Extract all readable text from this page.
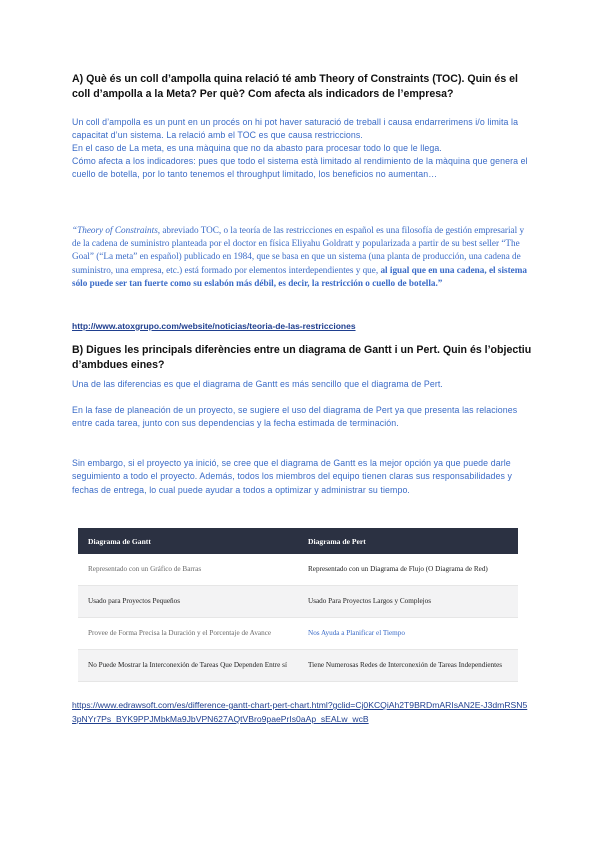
A) Què és un coll d’ampolla quina relació té amb Theory of Constraints (TOC). Quin és el coll d’ampolla a la Meta? Per què? Com afecta als indicadors de l’empresa?
Un coll d’ampolla es un punt en un procés on hi pot haver saturació de treball i causa endarrerimens i/o limita la capacitat d’un sistema. La relació amb el TOC es que causa restriccions.
En el caso de La meta, es una màquina que no da abasto para procesar todo lo que le llega.
Cómo afecta a los indicadores: pues que todo el sistema està limitado al rendimiento de la màquina que genera el cuello de botella, por lo tanto tenemos el throughput limitado, los beneficios no aumentan…
“Theory of Constraints, abreviado TOC, o la teoría de las restricciones en español es una filosofía de gestión empresarial y de la cadena de suministro planteada por el doctor en física Eliyahu Goldratt y popularizada a partir de su best seller “The Goal” (“La meta” en español) publicado en 1984, que se basa en que un sistema (una planta de producción, una cadena de suministro, una empresa, etc.) está formado por elementos interdependientes y que, al igual que en una cadena, el sistema sólo puede ser tan fuerte como su eslabón más débil, es decir, la restricción o cuello de botella.”
http://www.atoxgrupo.com/website/noticias/teoria-de-las-restricciones
B) Digues les principals diferències entre un diagrama de Gantt i un Pert. Quin és l’objectiu d’ambdues eines?
Una de las diferencias es que el diagrama de Gantt es más sencillo que el diagrama de Pert.
En la fase de planeación de un proyecto, se sugiere el uso del diagrama de Pert ya que presenta las relaciones entre cada tarea, junto con sus dependencias y la fecha estimada de terminación.
Sin embargo, si el proyecto ya inició, se cree que el diagrama de Gantt es la mejor opción ya que puede darle seguimiento a todo el proyecto. Además, todos los miembros del equipo tienen claras sus responsabilidades y fechas de entrega, lo cual puede ayudar a todos a optimizar y administrar su tiempo.
Diagrama de Gantt	Diagrama de Pert
Representado con un Gráfico de Barras	Representado con un Diagrama de Flujo (O Diagrama de Red)
Usado para Proyectos Pequeños	Usado Para Proyectos Largos y Complejos
Provee de Forma Precisa la Duración y el Porcentaje de Avance	Nos Ayuda a Planificar el Tiempo
No Puede Mostrar la Interconexión de Tareas Que Dependen Entre sí	Tiene Numerosas Redes de Interconexión de Tareas Independientes
https://www.edrawsoft.com/es/difference-gantt-chart-pert-chart.html?gclid=Cj0KCQiAh2T9BRDmARIsAN2E-J3dmRSN53pNYr7Ps_BYK9PPJMbkMa9JbVPN627AQtVBro9paePrIs0aAp_sEALw_wcB
